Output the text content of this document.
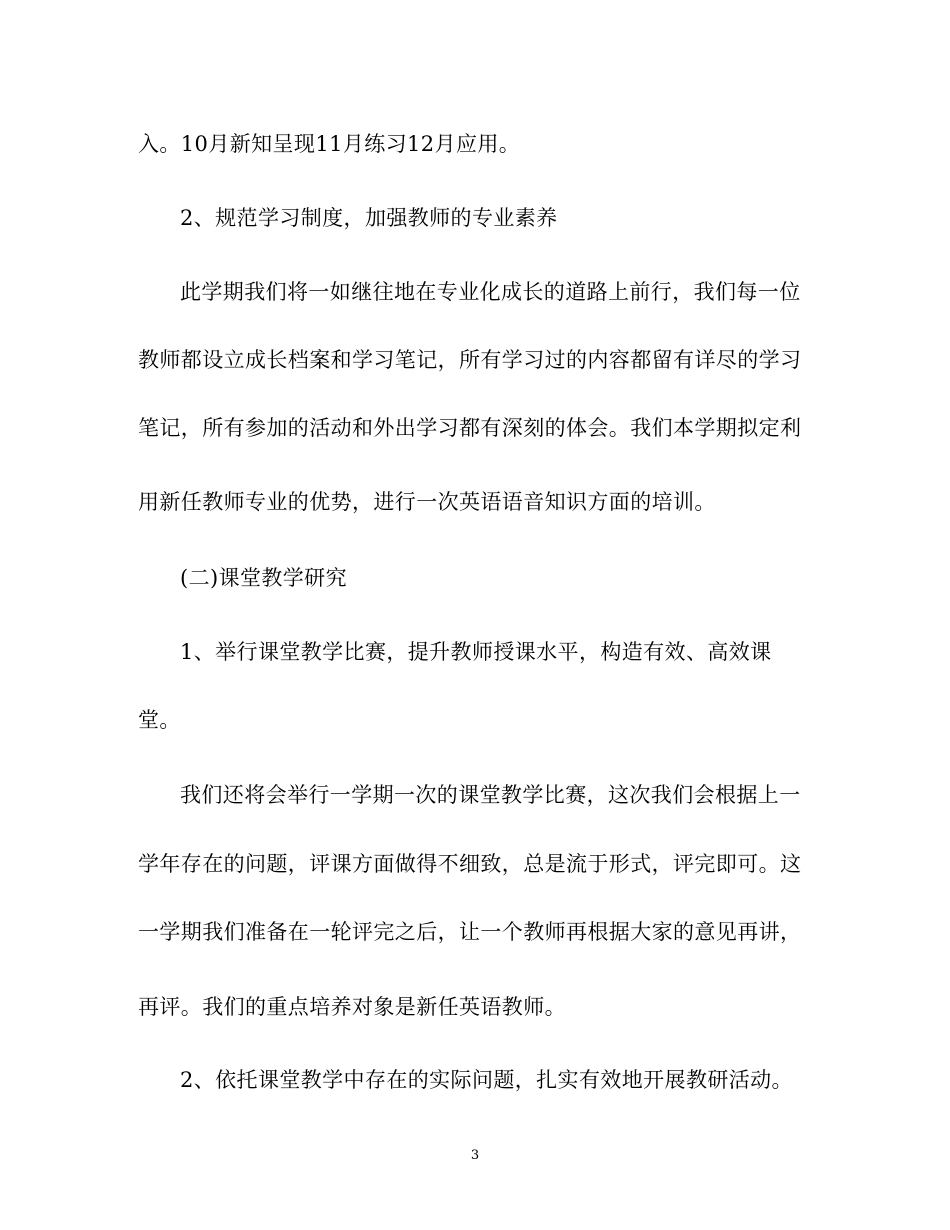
入。10月新知呈现11月练习12月应用。
2、规范学习制度，加强教师的专业素养
此学期我们将一如继往地在专业化成长的道路上前行，我们每一位
教师都设立成长档案和学习笔记，所有学习过的内容都留有详尽的学习
笔记，所有参加的活动和外出学习都有深刻的体会。我们本学期拟定利
用新任教师专业的优势，进行一次英语语音知识方面的培训。
(二)课堂教学研究
1、举行课堂教学比赛，提升教师授课水平，构造有效、高效课
堂。
我们还将会举行一学期一次的课堂教学比赛，这次我们会根据上一
学年存在的问题，评课方面做得不细致，总是流于形式，评完即可。这
一学期我们准备在一轮评完之后，让一个教师再根据大家的意见再讲，
再评。我们的重点培养对象是新任英语教师。
2、依托课堂教学中存在的实际问题，扎实有效地开展教研活动。
3
